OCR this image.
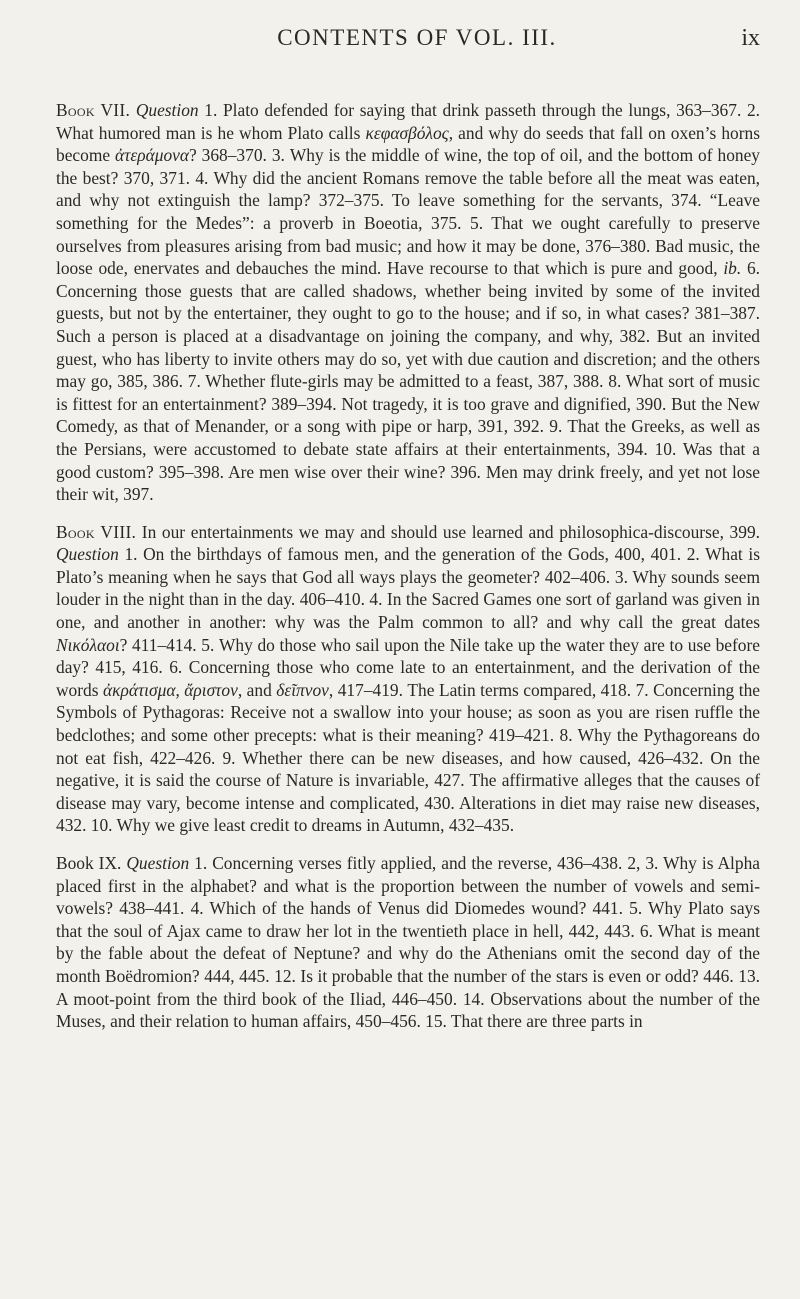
CONTENTS OF VOL. III.	ix

Book VII. Question 1. Plato defended for saying that drink passeth through the lungs, 363–367. 2. What humored man is he whom Plato calls κεφασβόλος, and why do seeds that fall on oxen’s horns become ἀτεράμονα? 368–370. 3. Why is the middle of wine, the top of oil, and the bottom of honey the best? 370, 371. 4. Why did the ancient Romans remove the table before all the meat was eaten, and why not extinguish the lamp? 372–375. To leave something for the servants, 374. “Leave something for the Medes”: a proverb in Boeotia, 375. 5. That we ought carefully to preserve ourselves from pleasures arising from bad music; and how it may be done, 376–380. Bad music, the loose ode, enervates and debauches the mind. Have recourse to that which is pure and good, ib. 6. Concerning those guests that are called shadows, whether being invited by some of the invited guests, but not by the entertainer, they ought to go to the house; and if so, in what cases? 381–387. Such a person is placed at a disadvantage on joining the company, and why, 382. But an invited guest, who has liberty to invite others may do so, yet with due caution and discretion; and the others may go, 385, 386. 7. Whether flute-girls may be admitted to a feast, 387, 388. 8. What sort of music is fittest for an entertainment? 389–394. Not tragedy, it is too grave and dignified, 390. But the New Comedy, as that of Menander, or a song with pipe or harp, 391, 392. 9. That the Greeks, as well as the Persians, were accustomed to debate state affairs at their entertainments, 394. 10. Was that a good custom? 395–398. Are men wise over their wine? 396. Men may drink freely, and yet not lose their wit, 397.

Book VIII. In our entertainments we may and should use learned and philosophica-discourse, 399. Question 1. On the birthdays of famous men, and the generation of the Gods, 400, 401. 2. What is Plato’s meaning when he says that God all ways plays the geometer? 402–406. 3. Why sounds seem louder in the night than in the day. 406–410. 4. In the Sacred Games one sort of garland was given in one, and another in another: why was the Palm common to all? and why call the great dates Νικόλαοι? 411–414. 5. Why do those who sail upon the Nile take up the water they are to use before day? 415, 416. 6. Concerning those who come late to an entertainment, and the derivation of the words ἀκράτισμα, ἄριστον, and δεῖπνον, 417–419. The Latin terms compared, 418. 7. Concerning the Symbols of Pythagoras: Receive not a swallow into your house; as soon as you are risen ruffle the bedclothes; and some other precepts: what is their meaning? 419–421. 8. Why the Pythagoreans do not eat fish, 422–426. 9. Whether there can be new diseases, and how caused, 426–432. On the negative, it is said the course of Nature is invariable, 427. The affirmative alleges that the causes of disease may vary, become intense and complicated, 430. Alterations in diet may raise new diseases, 432. 10. Why we give least credit to dreams in Autumn, 432–435.

Book IX. Question 1. Concerning verses fitly applied, and the reverse, 436–438. 2, 3. Why is Alpha placed first in the alphabet? and what is the proportion between the number of vowels and semi-vowels? 438–441. 4. Which of the hands of Venus did Diomedes wound? 441. 5. Why Plato says that the soul of Ajax came to draw her lot in the twentieth place in hell, 442, 443. 6. What is meant by the fable about the defeat of Neptune? and why do the Athenians omit the second day of the month Boëdromion? 444, 445. 12. Is it probable that the number of the stars is even or odd? 446. 13. A moot-point from the third book of the Iliad, 446–450. 14. Observations about the number of the Muses, and their relation to human affairs, 450–456. 15. That there are three parts in
